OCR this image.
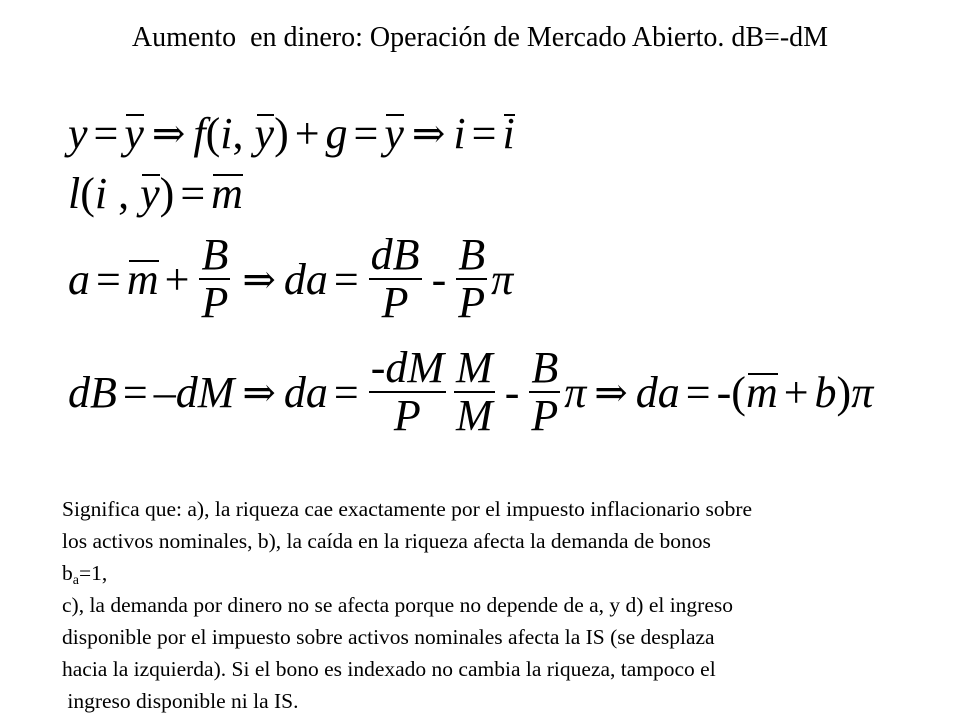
Aumento  en dinero: Operación de Mercado Abierto. dB=-dM
y = y ⇒ f ( i , y ) + g = y ⇒ i = i
l ( i , y ) = m
$a = m + \frac{B}{P}$ ⇒ da = $\frac{dB}{P} - \frac{B}{P}$ π
dB = – dM ⇒ da = $\frac{-dM}{P} \frac{M}{M} - \frac{B}{P}$ π ⇒ da = -( m + b ) π
Significa que: a), la riqueza cae exactamente por el impuesto inflacionario sobre
los activos nominales, b), la caída en la riqueza afecta la demanda de bonos
$b_a=1$,
c), la demanda por dinero no se afecta porque no depende de a, y d) el ingreso
disponible por el impuesto sobre activos nominales afecta la IS (se desplaza
hacia la izquierda). Si el bono es indexado no cambia la riqueza, tampoco el
ingreso disponible ni la IS.
